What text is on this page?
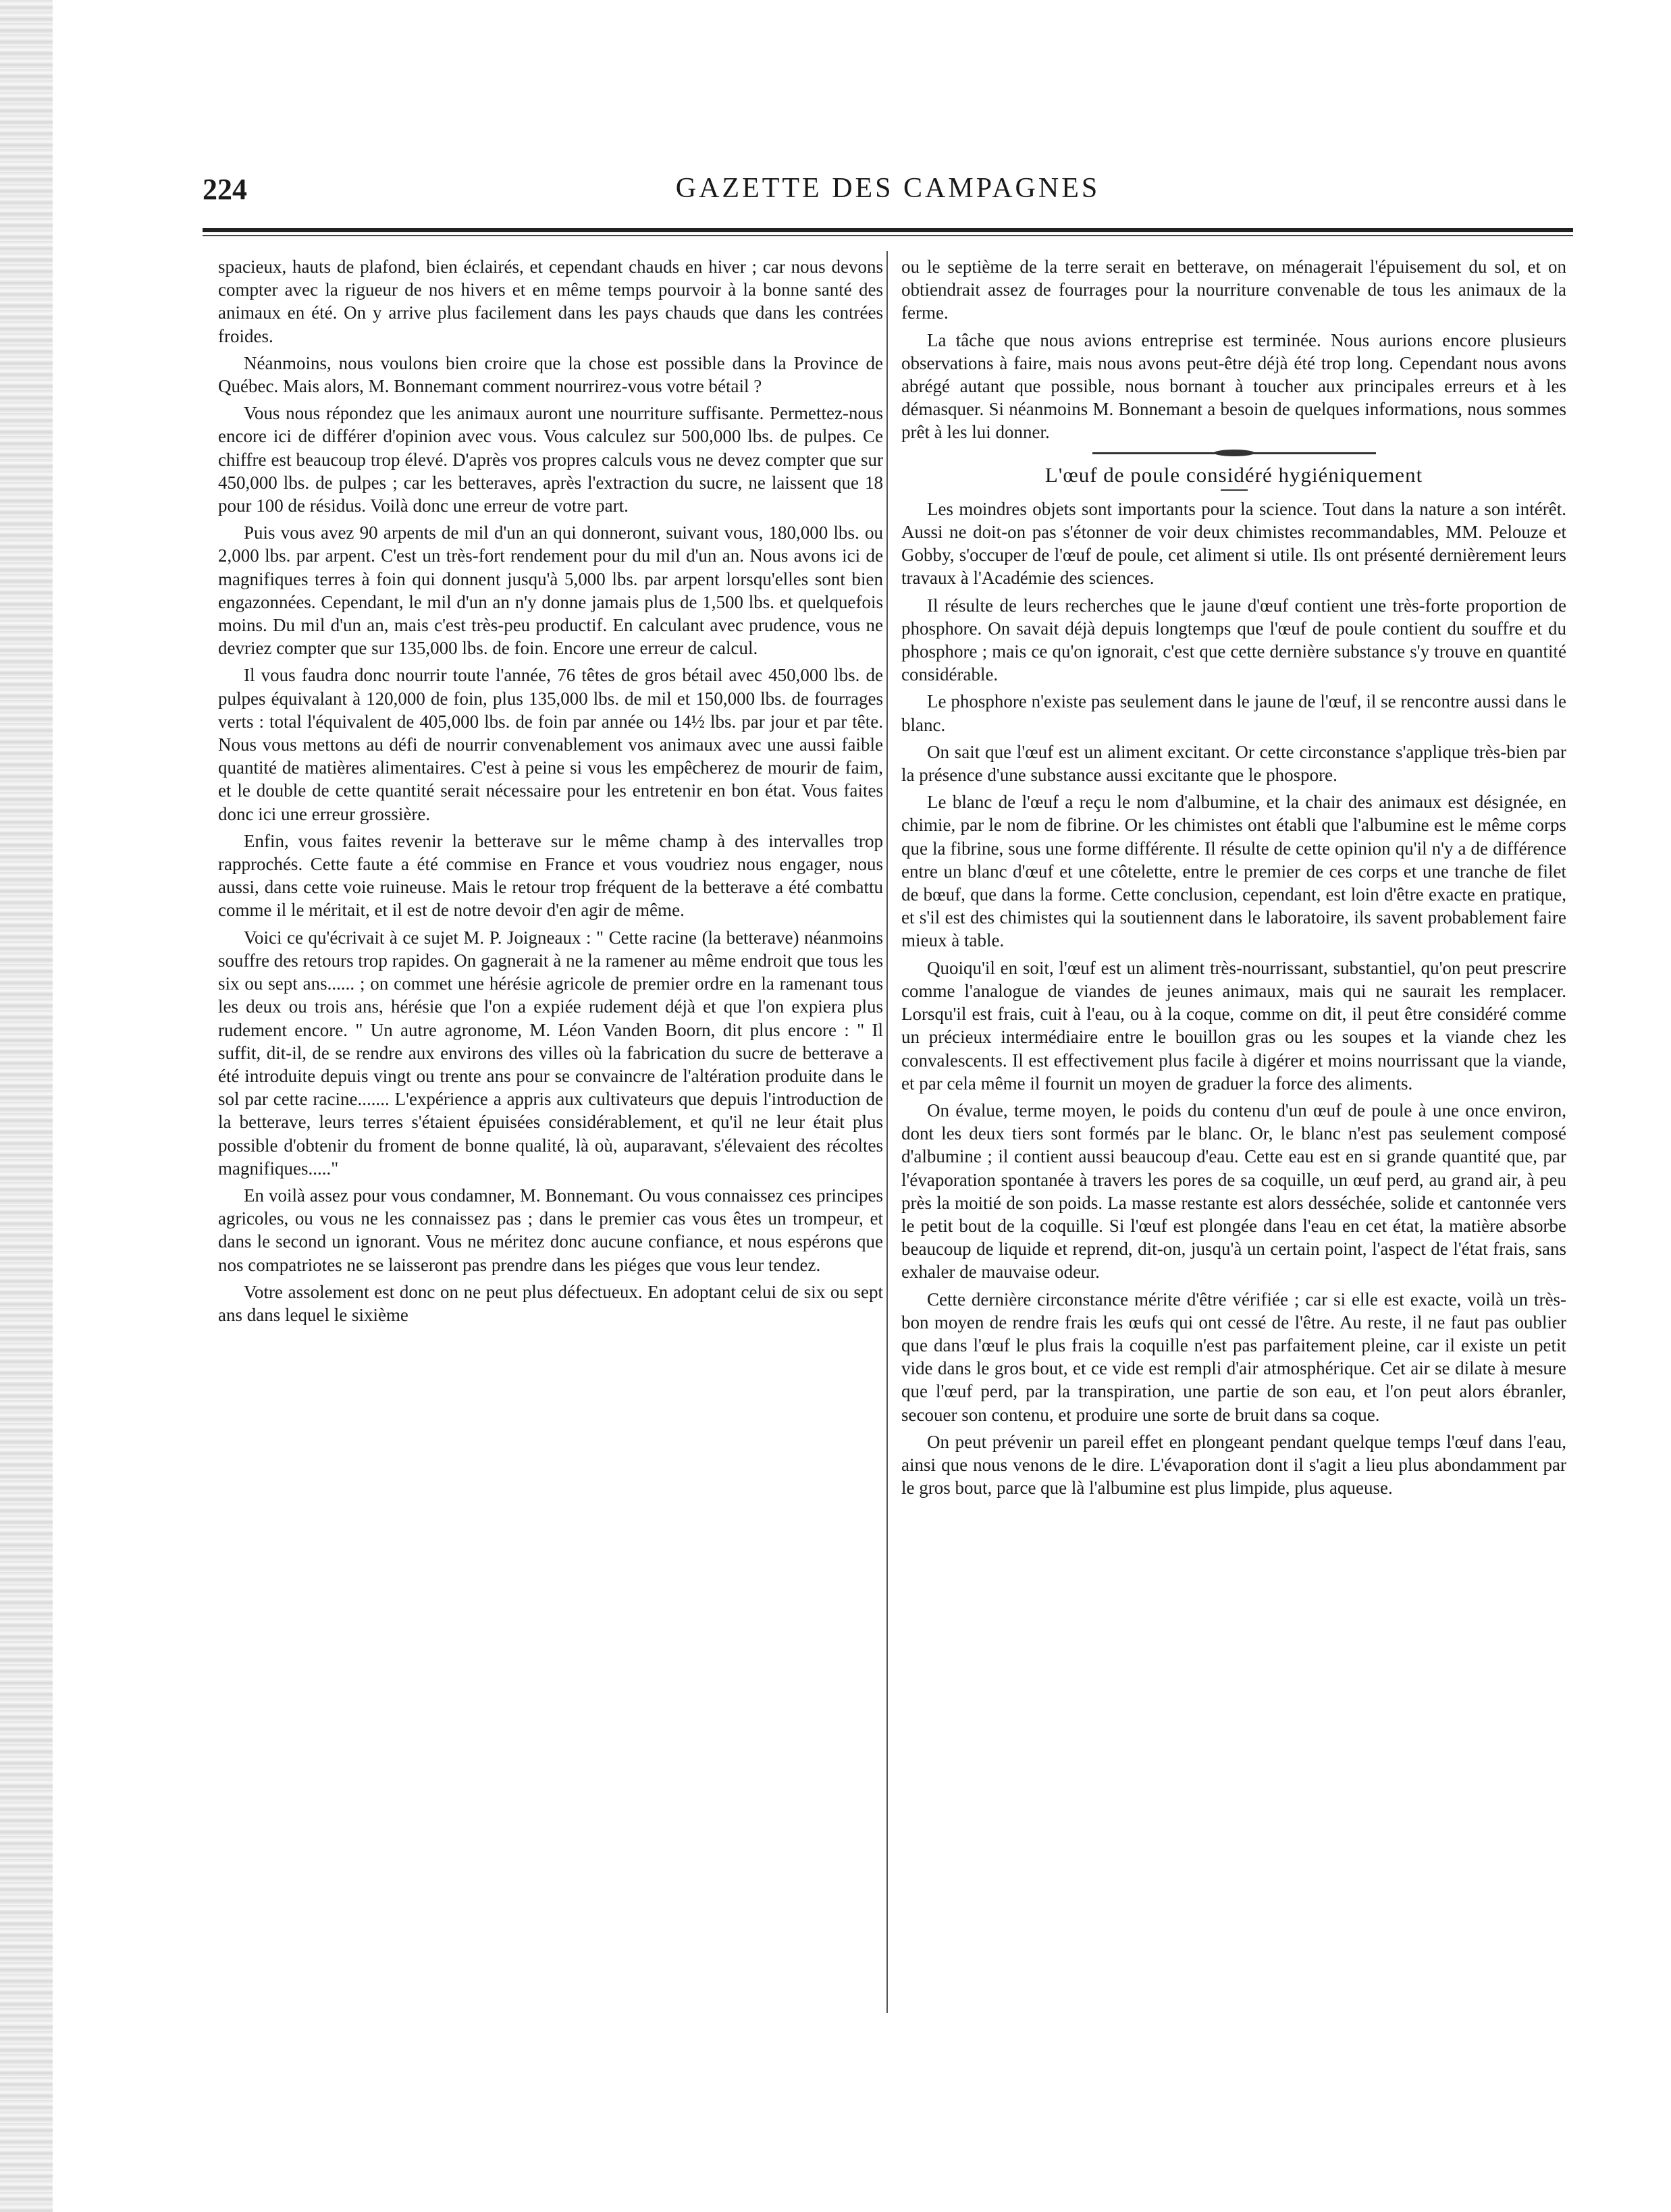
224	GAZETTE DES CAMPAGNES

spacieux, hauts de plafond, bien éclairés, et cependant chauds en hiver ; car nous devons compter avec la rigueur de nos hivers et en même temps pourvoir à la bonne santé des animaux en été. On y arrive plus facilement dans les pays chauds que dans les contrées froides.

Néanmoins, nous voulons bien croire que la chose est possible dans la Province de Québec. Mais alors, M. Bonnemant comment nourrirez-vous votre bétail ?

Vous nous répondez que les animaux auront une nourriture suffisante. Permettez-nous encore ici de différer d'opinion avec vous. Vous calculez sur 500,000 lbs. de pulpes. Ce chiffre est beaucoup trop élevé. D'après vos propres calculs vous ne devez compter que sur 450,000 lbs. de pulpes ; car les betteraves, après l'extraction du sucre, ne laissent que 18 pour 100 de résidus. Voilà donc une erreur de votre part.

Puis vous avez 90 arpents de mil d'un an qui donneront, suivant vous, 180,000 lbs. ou 2,000 lbs. par arpent. C'est un très-fort rendement pour du mil d'un an. Nous avons ici de magnifiques terres à foin qui donnent jusqu'à 5,000 lbs. par arpent lorsqu'elles sont bien engazonnées. Cependant, le mil d'un an n'y donne jamais plus de 1,500 lbs. et quelquefois moins. Du mil d'un an, mais c'est très-peu productif. En calculant avec prudence, vous ne devriez compter que sur 135,000 lbs. de foin. Encore une erreur de calcul.

Il vous faudra donc nourrir toute l'année, 76 têtes de gros bétail avec 450,000 lbs. de pulpes équivalant à 120,000 de foin, plus 135,000 lbs. de mil et 150,000 lbs. de fourrages verts : total l'équivalent de 405,000 lbs. de foin par année ou 14½ lbs. par jour et par tête. Nous vous mettons au défi de nourrir convenablement vos animaux avec une aussi faible quantité de matières alimentaires. C'est à peine si vous les empêcherez de mourir de faim, et le double de cette quantité serait nécessaire pour les entretenir en bon état. Vous faites donc ici une erreur grossière.

Enfin, vous faites revenir la betterave sur le même champ à des intervalles trop rapprochés. Cette faute a été commise en France et vous voudriez nous engager, nous aussi, dans cette voie ruineuse. Mais le retour trop fréquent de la betterave a été combattu comme il le méritait, et il est de notre devoir d'en agir de même.

Voici ce qu'écrivait à ce sujet M. P. Joigneaux : " Cette racine (la betterave) néanmoins souffre des retours trop rapides. On gagnerait à ne la ramener au même endroit que tous les six ou sept ans...... ; on commet une hérésie agricole de premier ordre en la ramenant tous les deux ou trois ans, hérésie que l'on a expiée rudement déjà et que l'on expiera plus rudement encore. " Un autre agronome, M. Léon Vanden Boorn, dit plus encore : " Il suffit, dit-il, de se rendre aux environs des villes où la fabrication du sucre de betterave a été introduite depuis vingt ou trente ans pour se convaincre de l'altération produite dans le sol par cette racine....... L'expérience a appris aux cultivateurs que depuis l'introduction de la betterave, leurs terres s'étaient épuisées considérablement, et qu'il ne leur était plus possible d'obtenir du froment de bonne qualité, là où, auparavant, s'élevaient des récoltes magnifiques....."

En voilà assez pour vous condamner, M. Bonnemant. Ou vous connaissez ces principes agricoles, ou vous ne les connaissez pas ; dans le premier cas vous êtes un trompeur, et dans le second un ignorant. Vous ne méritez donc aucune confiance, et nous espérons que nos compatriotes ne se laisseront pas prendre dans les piéges que vous leur tendez.

Votre assolement est donc on ne peut plus défectueux. En adoptant celui de six ou sept ans dans lequel le sixième

ou le septième de la terre serait en betterave, on ménagerait l'épuisement du sol, et on obtiendrait assez de fourrages pour la nourriture convenable de tous les animaux de la ferme.

La tâche que nous avions entreprise est terminée. Nous aurions encore plusieurs observations à faire, mais nous avons peut-être déjà été trop long. Cependant nous avons abrégé autant que possible, nous bornant à toucher aux principales erreurs et à les démasquer. Si néanmoins M. Bonnemant a besoin de quelques informations, nous sommes prêt à les lui donner.

L'œuf de poule considéré hygiéniquement

Les moindres objets sont importants pour la science. Tout dans la nature a son intérêt. Aussi ne doit-on pas s'étonner de voir deux chimistes recommandables, MM. Pelouze et Gobby, s'occuper de l'œuf de poule, cet aliment si utile. Ils ont présenté dernièrement leurs travaux à l'Académie des sciences.

Il résulte de leurs recherches que le jaune d'œuf contient une très-forte proportion de phosphore. On savait déjà depuis longtemps que l'œuf de poule contient du souffre et du phosphore ; mais ce qu'on ignorait, c'est que cette dernière substance s'y trouve en quantité considérable.

Le phosphore n'existe pas seulement dans le jaune de l'œuf, il se rencontre aussi dans le blanc.

On sait que l'œuf est un aliment excitant. Or cette circonstance s'applique très-bien par la présence d'une substance aussi excitante que le phospore.

Le blanc de l'œuf a reçu le nom d'albumine, et la chair des animaux est désignée, en chimie, par le nom de fibrine. Or les chimistes ont établi que l'albumine est le même corps que la fibrine, sous une forme différente. Il résulte de cette opinion qu'il n'y a de différence entre un blanc d'œuf et une côtelette, entre le premier de ces corps et une tranche de filet de bœuf, que dans la forme. Cette conclusion, cependant, est loin d'être exacte en pratique, et s'il est des chimistes qui la soutiennent dans le laboratoire, ils savent probablement faire mieux à table.

Quoiqu'il en soit, l'œuf est un aliment très-nourrissant, substantiel, qu'on peut prescrire comme l'analogue de viandes de jeunes animaux, mais qui ne saurait les remplacer. Lorsqu'il est frais, cuit à l'eau, ou à la coque, comme on dit, il peut être considéré comme un précieux intermédiaire entre le bouillon gras ou les soupes et la viande chez les convalescents. Il est effectivement plus facile à digérer et moins nourrissant que la viande, et par cela même il fournit un moyen de graduer la force des aliments.

On évalue, terme moyen, le poids du contenu d'un œuf de poule à une once environ, dont les deux tiers sont formés par le blanc. Or, le blanc n'est pas seulement composé d'albumine ; il contient aussi beaucoup d'eau. Cette eau est en si grande quantité que, par l'évaporation spontanée à travers les pores de sa coquille, un œuf perd, au grand air, à peu près la moitié de son poids. La masse restante est alors desséchée, solide et cantonnée vers le petit bout de la coquille. Si l'œuf est plongée dans l'eau en cet état, la matière absorbe beaucoup de liquide et reprend, dit-on, jusqu'à un certain point, l'aspect de l'état frais, sans exhaler de mauvaise odeur.

Cette dernière circonstance mérite d'être vérifiée ; car si elle est exacte, voilà un très-bon moyen de rendre frais les œufs qui ont cessé de l'être. Au reste, il ne faut pas oublier que dans l'œuf le plus frais la coquille n'est pas parfaitement pleine, car il existe un petit vide dans le gros bout, et ce vide est rempli d'air atmosphérique. Cet air se dilate à mesure que l'œuf perd, par la transpiration, une partie de son eau, et l'on peut alors ébranler, secouer son contenu, et produire une sorte de bruit dans sa coque.

On peut prévenir un pareil effet en plongeant pendant quelque temps l'œuf dans l'eau, ainsi que nous venons de le dire. L'évaporation dont il s'agit a lieu plus abondamment par le gros bout, parce que là l'albumine est plus limpide, plus aqueuse.
